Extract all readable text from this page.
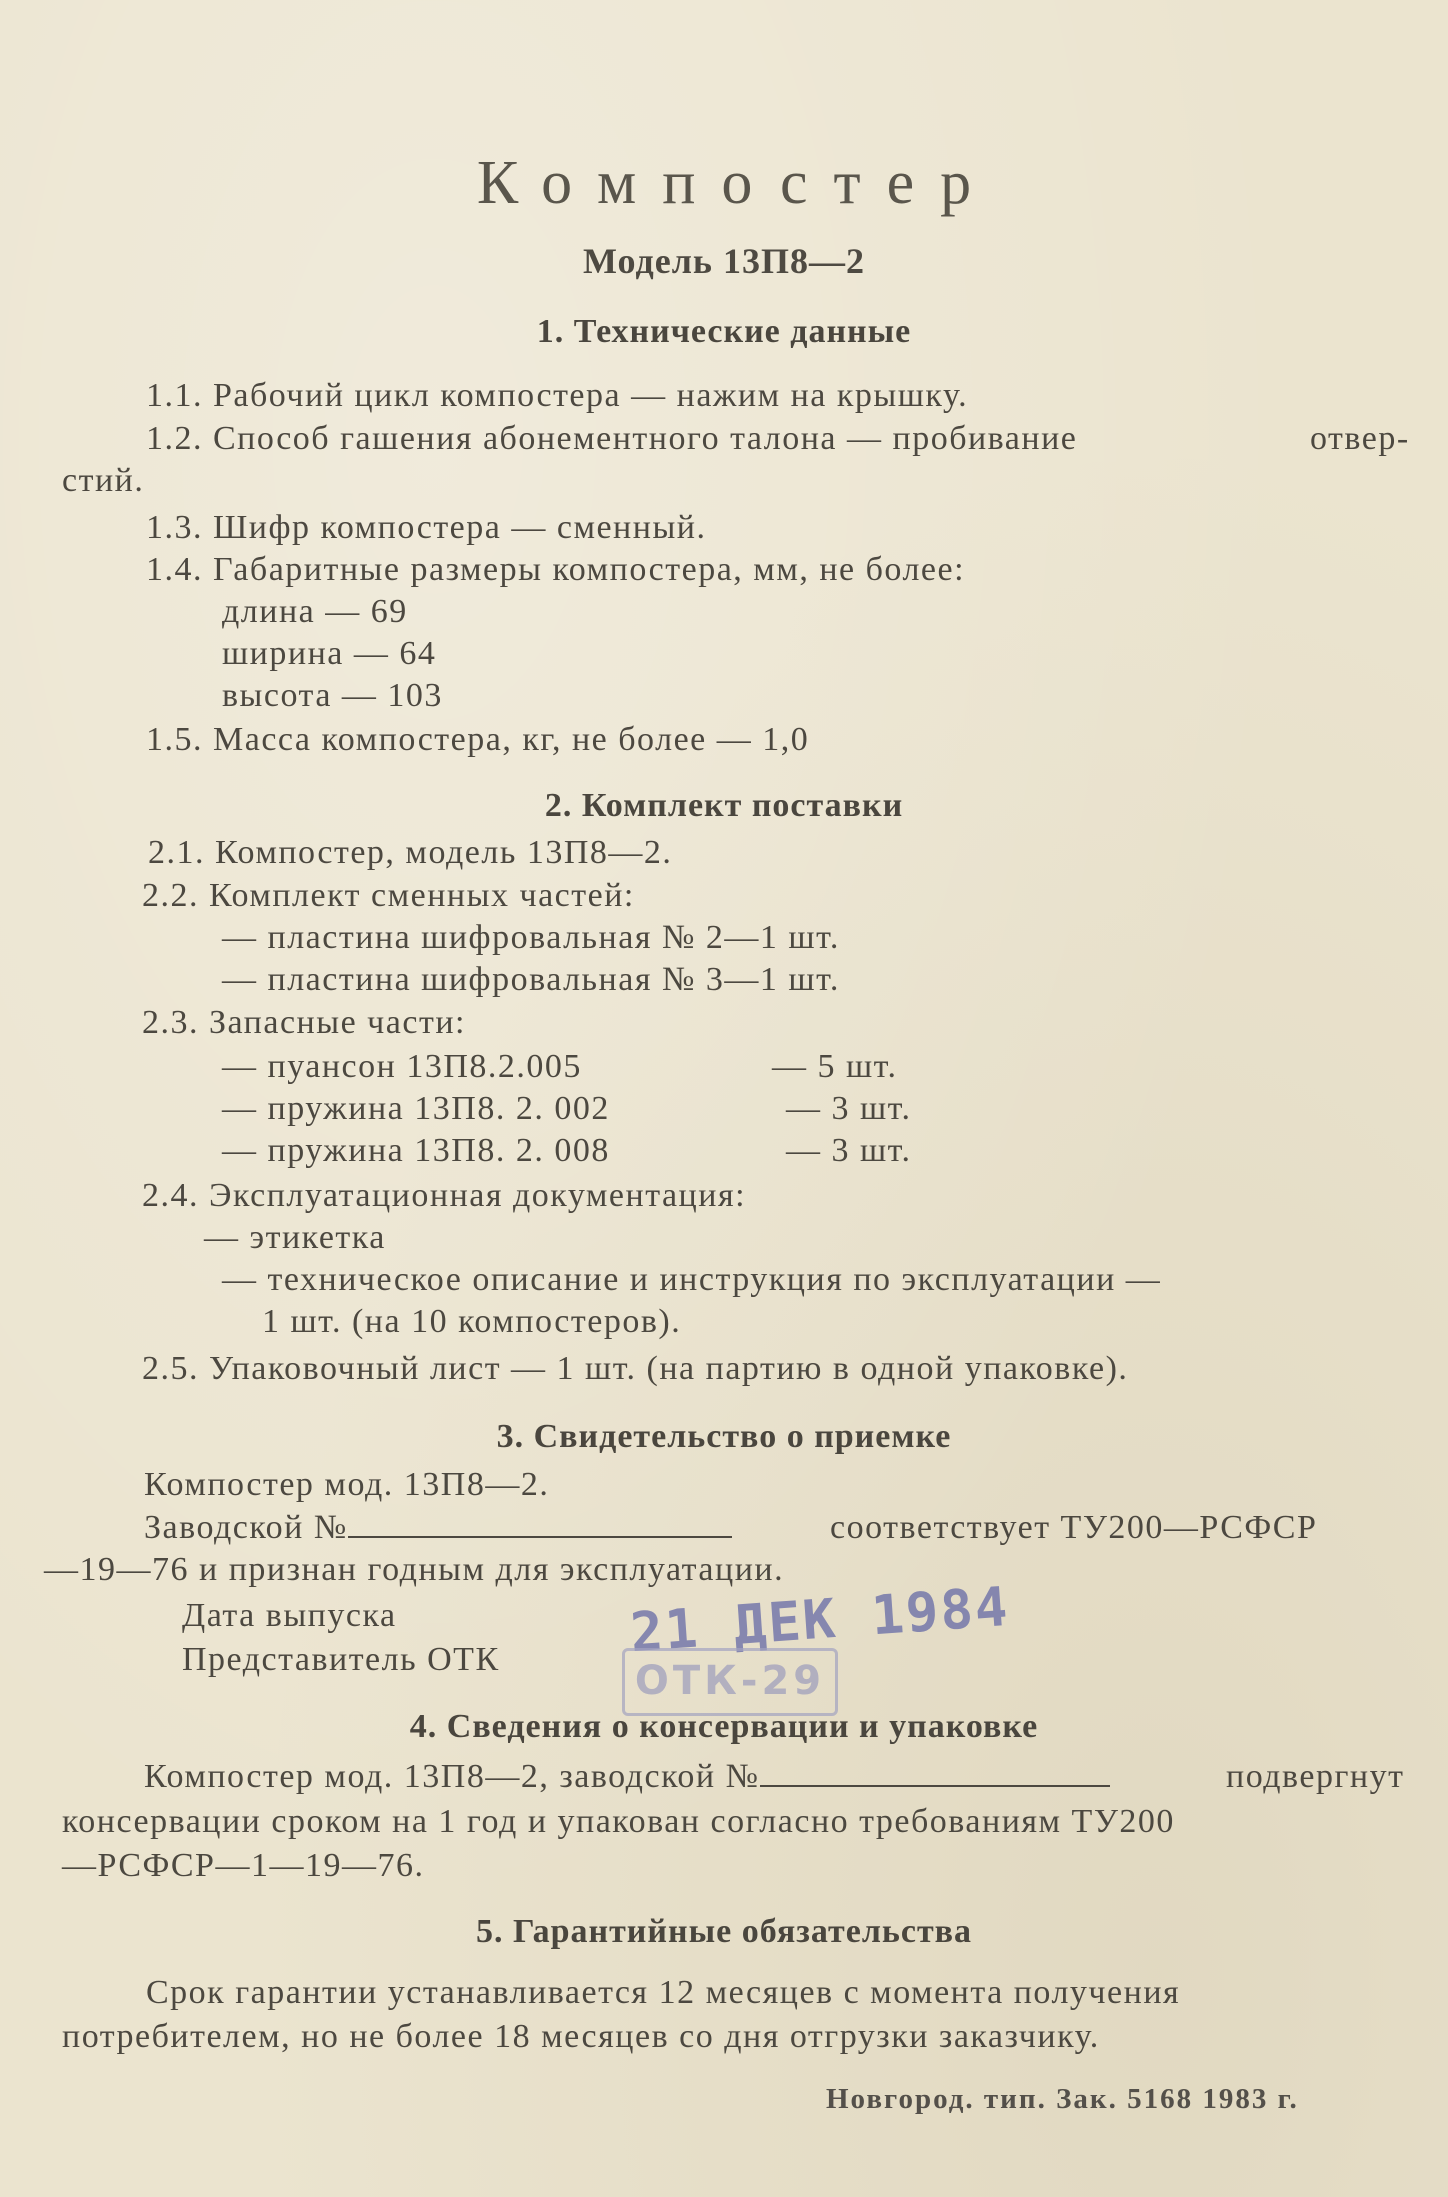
Компостер
Модель 13П8—2
1. Технические данные
1.1. Рабочий цикл компостера — нажим на крышку.
1.2. Способ гашения абонементного талона — пробивание	отвер-
стий.
1.3. Шифр компостера — сменный.
1.4. Габаритные размеры компостера, мм, не более:
длина — 69
ширина — 64
высота — 103
1.5. Масса компостера, кг, не более — 1,0
2. Комплект поставки
2.1. Компостер, модель 13П8—2.
2.2. Комплект сменных частей:
— пластина шифровальная № 2—1 шт.
— пластина шифровальная № 3—1 шт.
2.3. Запасные части:
— пуансон 13П8.2.005	— 5 шт.
— пружина 13П8. 2. 002	— 3 шт.
— пружина 13П8. 2. 008	— 3 шт.
2.4. Эксплуатационная документация:
— этикетка
— техническое описание и инструкция по эксплуатации —
1 шт. (на 10 компостеров).
2.5. Упаковочный лист — 1 шт. (на партию в одной упаковке).
3. Свидетельство о приемке
Компостер мод. 13П8—2.
Заводской №	соответствует ТУ200—РСФСР
—19—76 и признан годным для эксплуатации.
Дата выпуска
Представитель ОТК 21 ДЕК 1984
ОТК-29
4. Сведения о консервации и упаковке
Компостер мод. 13П8—2, заводской №	подвергнут
консервации сроком на 1 год и упакован согласно требованиям ТУ200
—РСФСР—1—19—76.
5. Гарантийные обязательства
Срок гарантии устанавливается 12 месяцев с момента получения
потребителем, но не более 18 месяцев со дня отгрузки заказчику.
Новгород. тип. Зак. 5168 1983 г.
